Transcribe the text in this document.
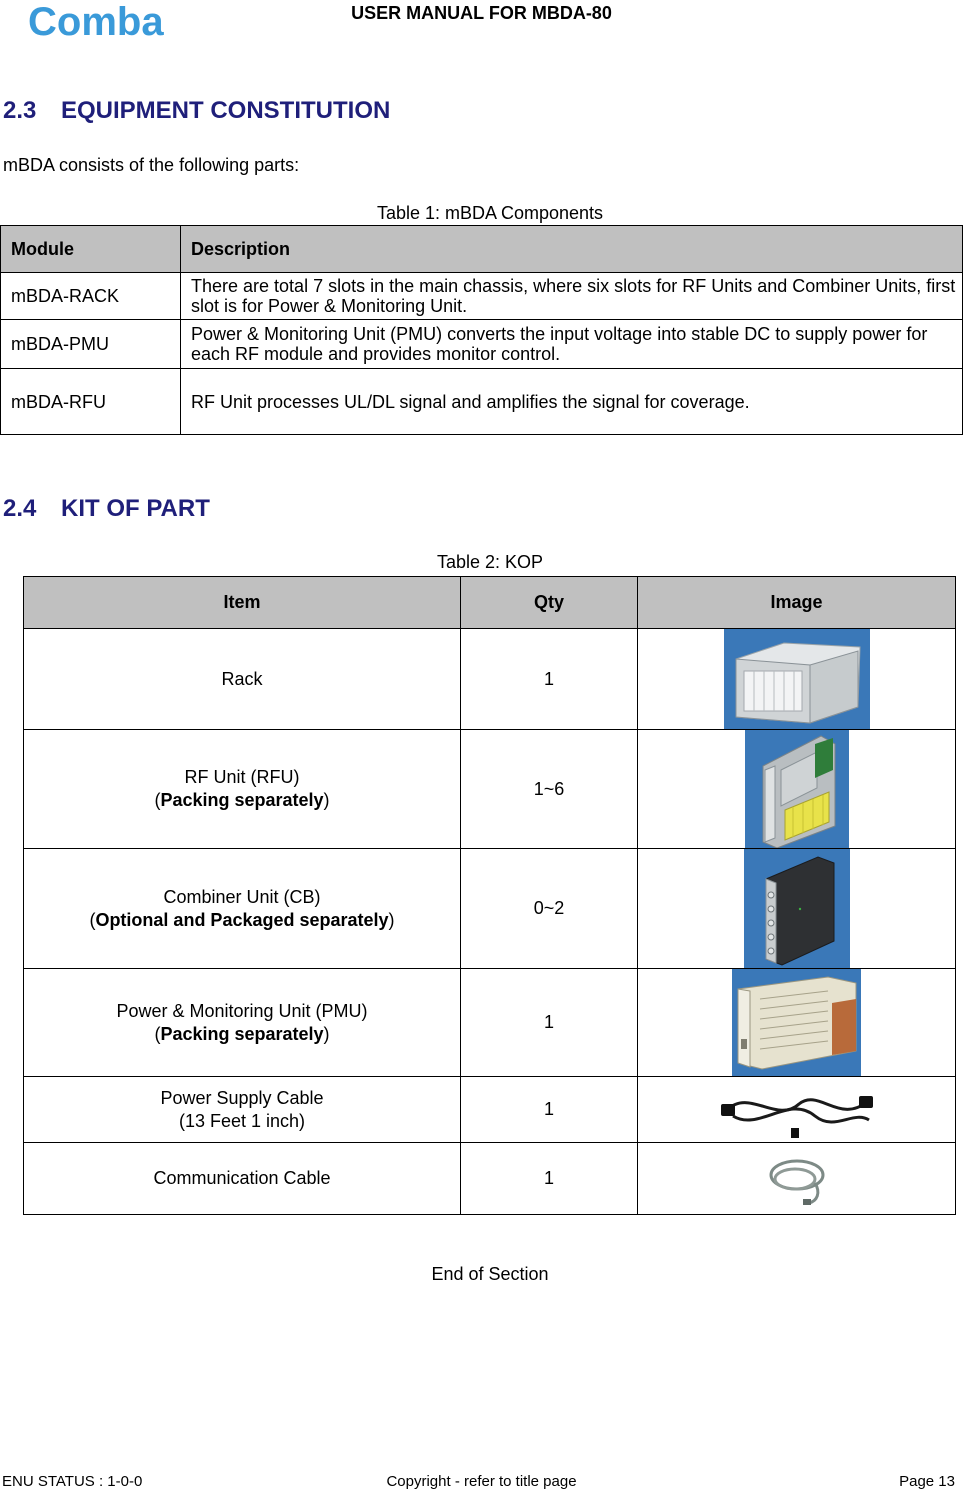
Comba	USER MANUAL FOR MBDA-80
2.3 EQUIPMENT CONSTITUTION
mBDA consists of the following parts:
Table 1: mBDA Components
Module	Description
mBDA-RACK	There are total 7 slots in the main chassis, where six slots for RF Units and Combiner Units, first slot is for Power & Monitoring Unit.
mBDA-PMU	Power & Monitoring Unit (PMU) converts the input voltage into stable DC to supply power for each RF module and provides monitor control.
mBDA-RFU	RF Unit processes UL/DL signal and amplifies the signal for coverage.
2.4 KIT OF PART
Table 2: KOP
Item	Qty	Image
Rack	1	

RF Unit (RFU)
(Packing separately)	1~6	

Combiner Unit (CB)
(Optional and Packaged separately)	0~2	

Power & Monitoring Unit (PMU)
(Packing separately)	1	

Power Supply Cable
(13 Feet 1 inch)	1	

Communication Cable	1	
End of Section
ENU STATUS : 1-0-0	Copyright - refer to title page	Page 13
